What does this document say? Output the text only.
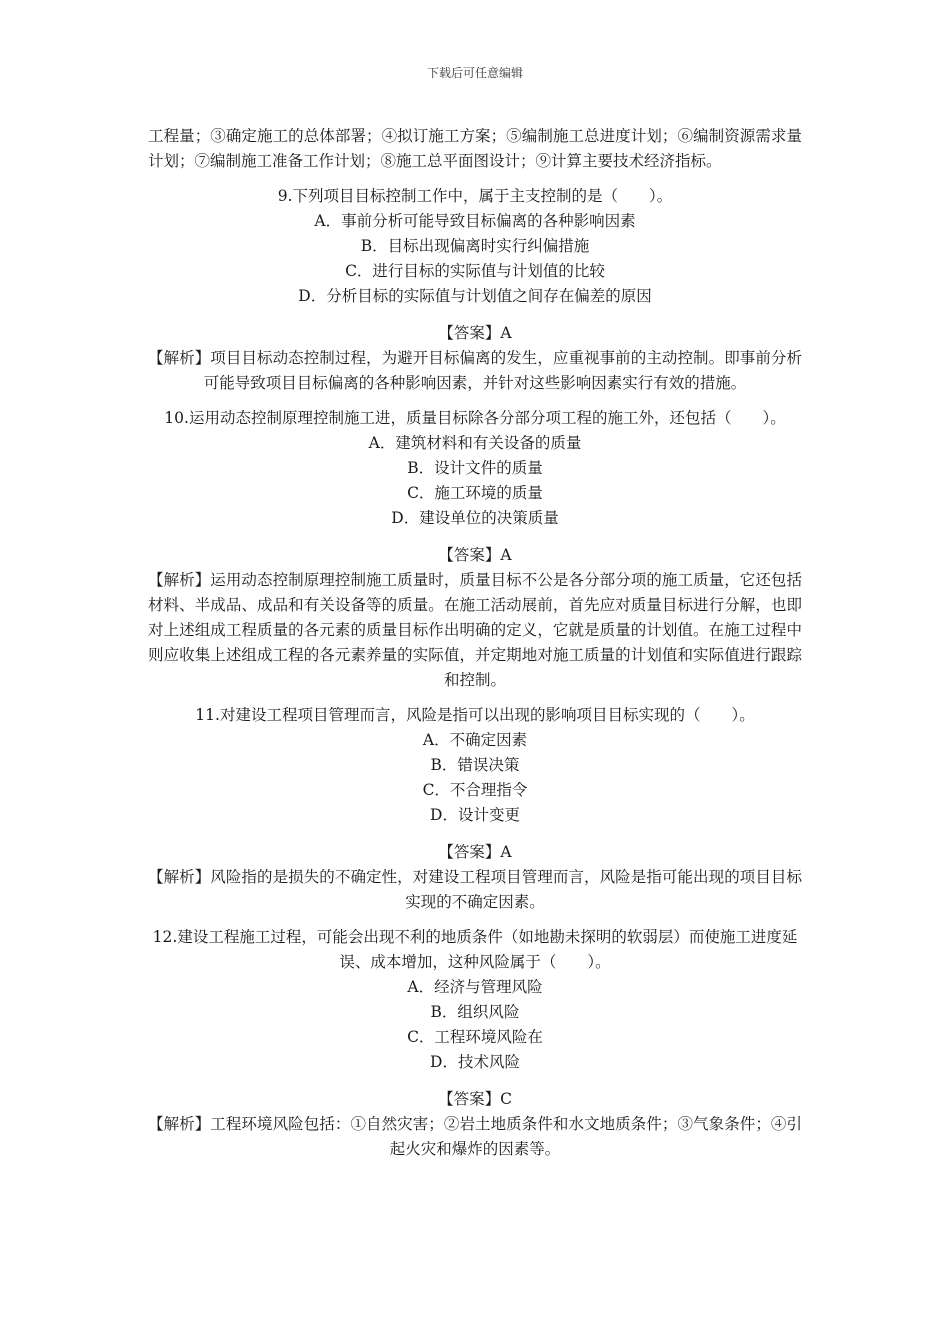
下载后可任意编辑

工程量；③确定施工的总体部署；④拟订施工方案；⑤编制施工总进度计划；⑥编制资源需求量计划；⑦编制施工准备工作计划；⑧施工总平面图设计；⑨计算主要技术经济指标。

9.下列项目目标控制工作中，属于主支控制的是（　　）。

A．事前分析可能导致目标偏离的各种影响因素

B．目标出现偏离时实行纠偏措施

C．进行目标的实际值与计划值的比较

D．分析目标的实际值与计划值之间存在偏差的原因

【答案】A

【解析】项目目标动态控制过程，为避开目标偏离的发生，应重视事前的主动控制。即事前分析可能导致项目目标偏离的各种影响因素，并针对这些影响因素实行有效的措施。

10.运用动态控制原理控制施工进，质量目标除各分部分项工程的施工外，还包括（　　）。

A．建筑材料和有关设备的质量

B．设计文件的质量

C．施工环境的质量

D．建设单位的决策质量

【答案】A

【解析】运用动态控制原理控制施工质量时，质量目标不公是各分部分项的施工质量，它还包括材料、半成品、成品和有关设备等的质量。在施工活动展前，首先应对质量目标进行分解，也即对上述组成工程质量的各元素的质量目标作出明确的定义，它就是质量的计划值。在施工过程中则应收集上述组成工程的各元素养量的实际值，并定期地对施工质量的计划值和实际值进行跟踪和控制。

11.对建设工程项目管理而言，风险是指可以出现的影响项目目标实现的（　　）。

A．不确定因素

B．错误决策

C．不合理指令

D．设计变更

【答案】A

【解析】风险指的是损失的不确定性，对建设工程项目管理而言，风险是指可能出现的项目目标实现的不确定因素。

12.建设工程施工过程，可能会出现不利的地质条件（如地勘未探明的软弱层）而使施工进度延误、成本增加，这种风险属于（　　）。

A．经济与管理风险

B．组织风险

C．工程环境风险在

D．技术风险

【答案】C

【解析】工程环境风险包括：①自然灾害；②岩土地质条件和水文地质条件；③气象条件；④引起火灾和爆炸的因素等。
